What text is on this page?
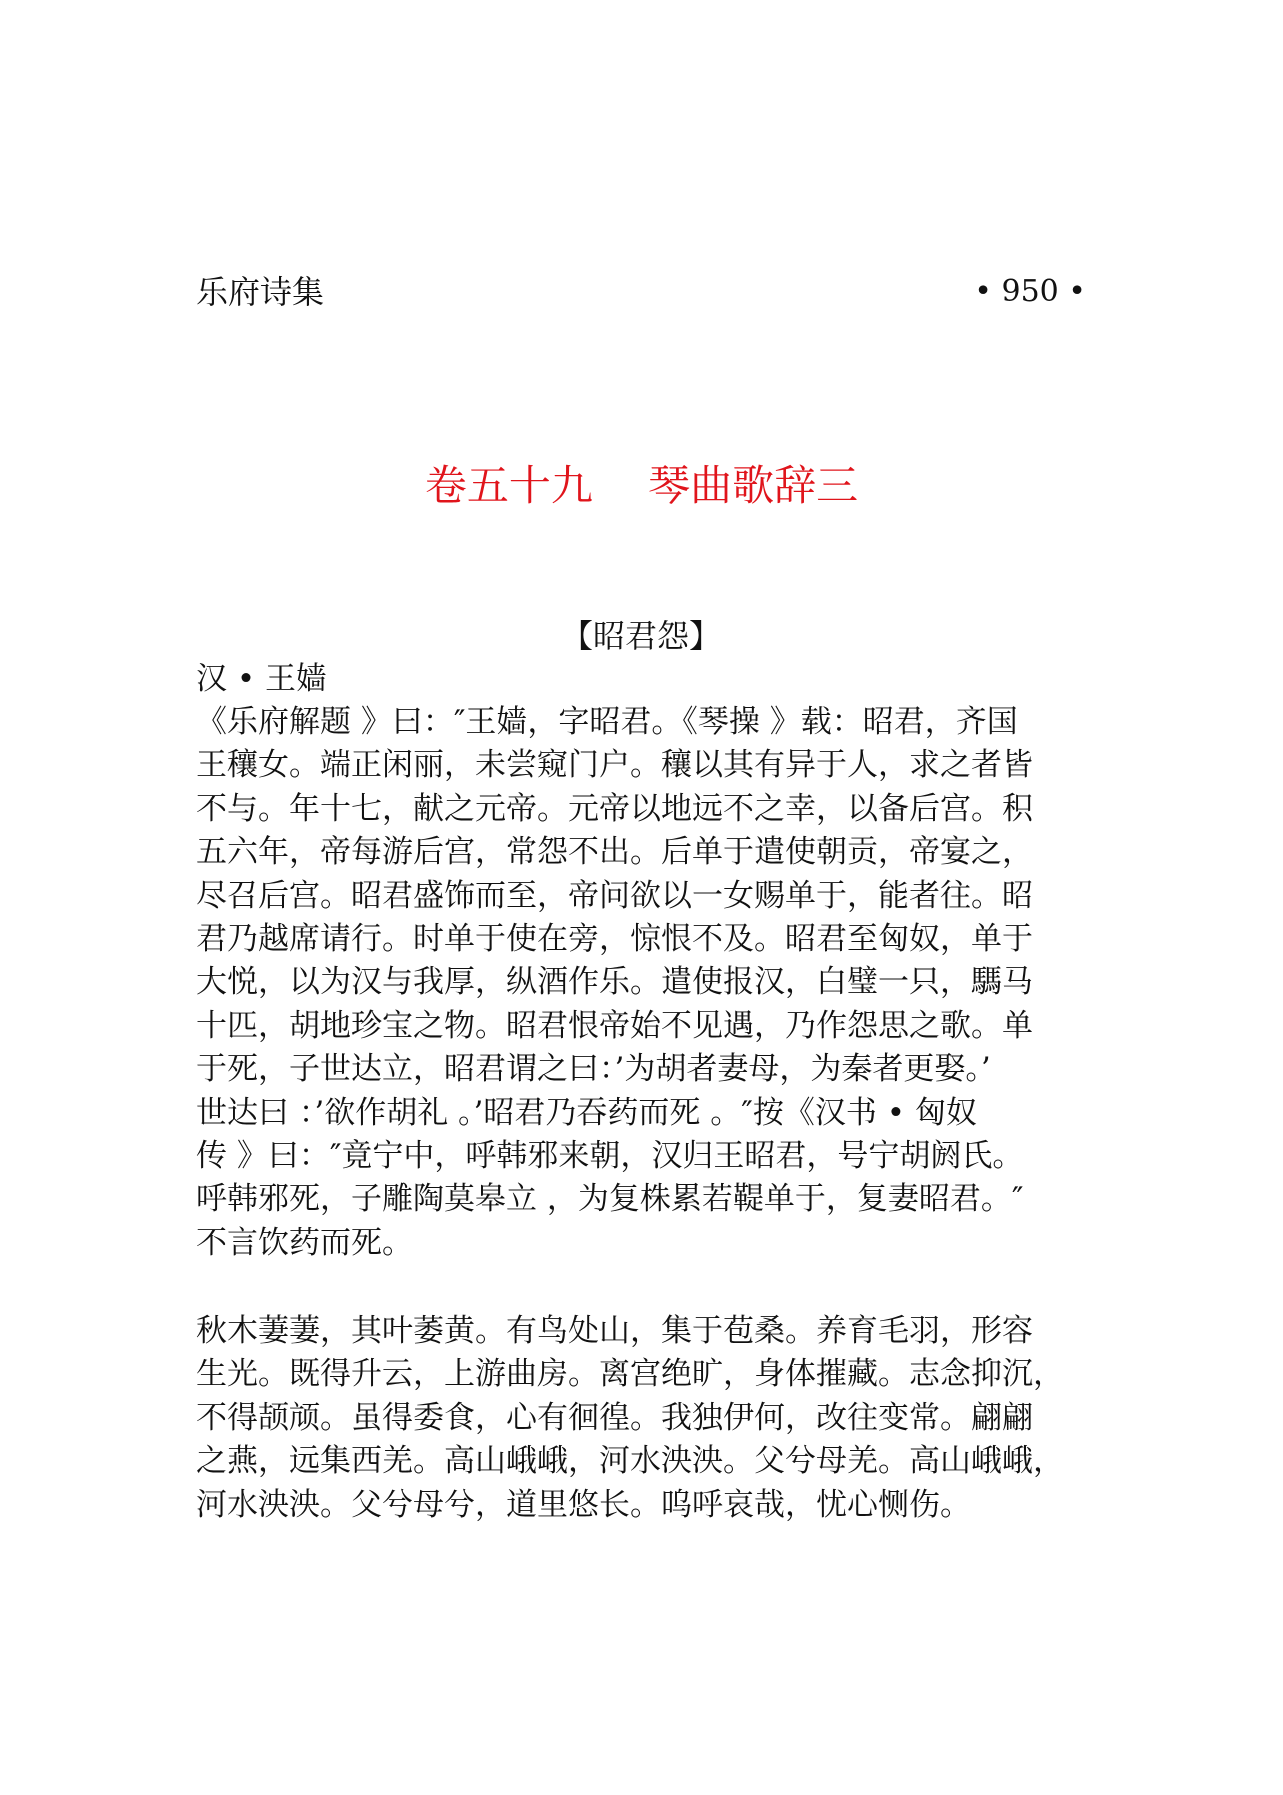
乐府诗集	• 950 •
卷五十九　 琴曲歌辞三
【昭君怨】
汉 • 王嫱
《乐府解题 》曰：″王嫱，字昭君。《琴操 》载：昭君，齐国
王穰女。端正闲丽，未尝窥门户。穰以其有异于人，求之者皆
不与。年十七，献之元帝。元帝以地远不之幸，以备后宫。积
五六年，帝每游后宫，常怨不出。后单于遣使朝贡，帝宴之，
尽召后宫。昭君盛饰而至，帝问欲以一女赐单于，能者往。昭
君乃越席请行。时单于使在旁，惊恨不及。昭君至匈奴，单于
大悦，以为汉与我厚，纵酒作乐。遣使报汉，白璧一只，騳马
十匹，胡地珍宝之物。昭君恨帝始不见遇，乃作怨思之歌。单
于死，子世达立，昭君谓之曰：’为胡者妻母，为秦者更娶。’
世达曰 ：’欲作胡礼 。’昭君乃吞药而死 。″按《汉书 • 匈奴
传 》曰：″竟宁中，呼韩邪来朝，汉归王昭君，号宁胡阏氏。
呼韩邪死，子雕陶莫皋立 ，为复株累若鞮单于，复妻昭君。″
不言饮药而死。
秋木萋萋，其叶萎黄。有鸟处山，集于苞桑。养育毛羽，形容
生光。既得升云，上游曲房。离宫绝旷，身体摧藏。志念抑沉，
不得颉颃。虽得委食，心有徊徨。我独伊何，改往变常。翩翩
之燕，远集西羌。高山峨峨，河水泱泱。父兮母羌。高山峨峨，
河水泱泱。父兮母兮，道里悠长。呜呼哀哉，忧心恻伤。
